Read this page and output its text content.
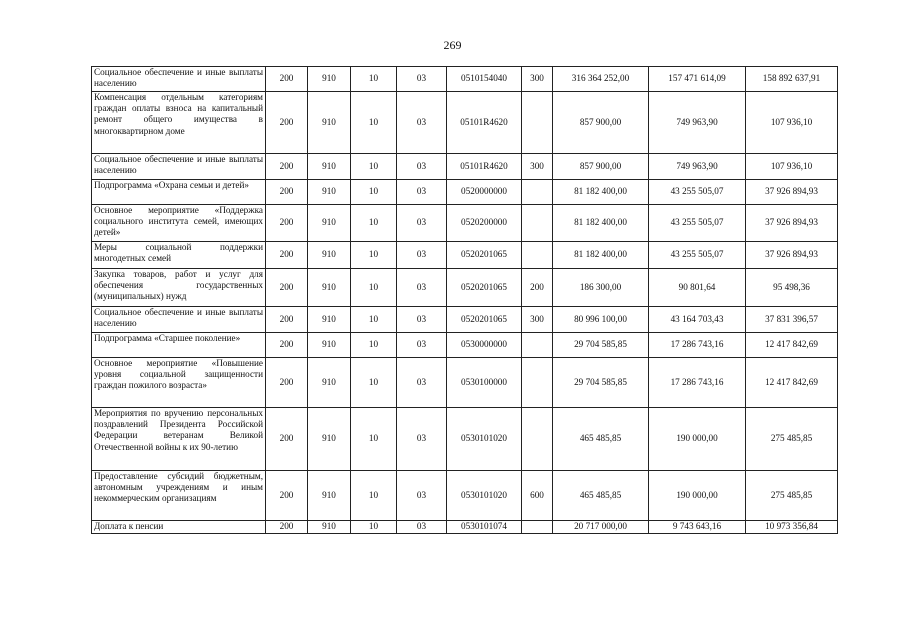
269
Социальное обеспечение и иные выплаты населению	200	910	10	03	0510154040	300	316 364 252,00	157 471 614,09	158 892 637,91
Компенсация отдельным категориям граждан оплаты взноса на капитальный ремонт общего имущества в многоквартирном доме	200	910	10	03	05101R4620		857 900,00	749 963,90	107 936,10
Социальное обеспечение и иные выплаты населению	200	910	10	03	05101R4620	300	857 900,00	749 963,90	107 936,10
Подпрограмма «Охрана семьи и детей»	200	910	10	03	0520000000		81 182 400,00	43 255 505,07	37 926 894,93
Основное мероприятие «Поддержка социального института семей, имеющих детей»	200	910	10	03	0520200000		81 182 400,00	43 255 505,07	37 926 894,93
Меры социальной поддержки многодетных семей	200	910	10	03	0520201065		81 182 400,00	43 255 505,07	37 926 894,93
Закупка товаров, работ и услуг для обеспечения государственных (муниципальных) нужд	200	910	10	03	0520201065	200	186 300,00	90 801,64	95 498,36
Социальное обеспечение и иные выплаты населению	200	910	10	03	0520201065	300	80 996 100,00	43 164 703,43	37 831 396,57
Подпрограмма «Старшее поколение»	200	910	10	03	0530000000		29 704 585,85	17 286 743,16	12 417 842,69
Основное мероприятие «Повышение уровня социальной защищенности граждан пожилого возраста»	200	910	10	03	0530100000		29 704 585,85	17 286 743,16	12 417 842,69
Мероприятия по вручению персональных поздравлений Президента Российской Федерации ветеранам Великой Отечественной войны к их 90-летию	200	910	10	03	0530101020		465 485,85	190 000,00	275 485,85
Предоставление субсидий бюджетным, автономным учреждениям и иным некоммерческим организациям	200	910	10	03	0530101020	600	465 485,85	190 000,00	275 485,85
Доплата к пенсии	200	910	10	03	0530101074		20 717 000,00	9 743 643,16	10 973 356,84
